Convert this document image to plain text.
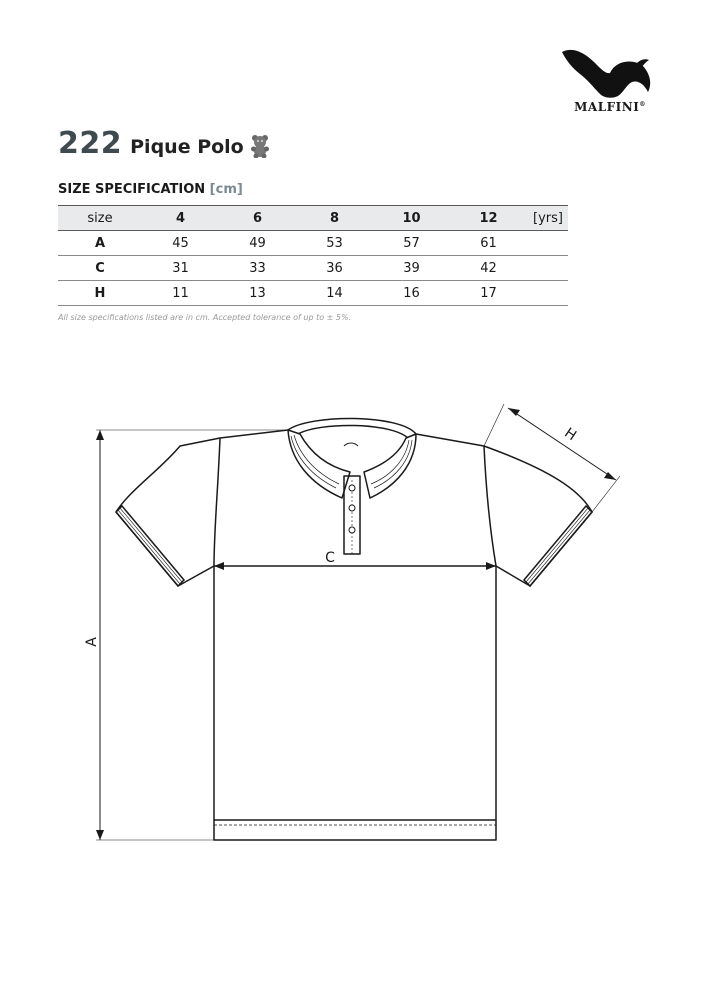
MALFINI®
222 Pique Polo
SIZE SPECIFICATION [cm]
size	4	6	8	10	12	[yrs]
A	45	49	53	57	61	
C	31	33	36	39	42	
H	11	13	14	16	17	
All size specifications listed are in cm. Accepted tolerance of up to ± 5%.
A
C
H
